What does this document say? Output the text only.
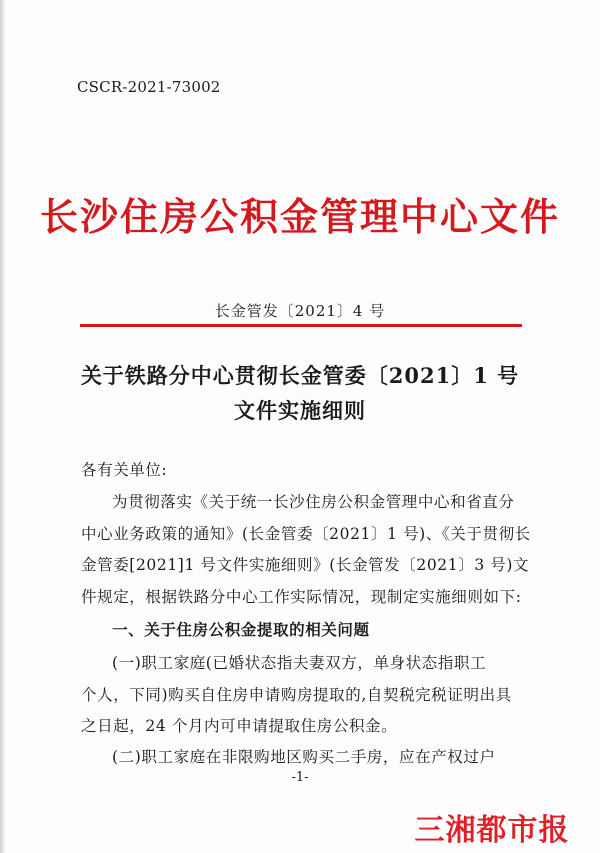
CSCR-2021-73002
长沙住房公积金管理中心文件
长金管发〔2021〕4 号
关于铁路分中心贯彻长金管委〔2021〕1 号
文件实施细则
各有关单位:
为贯彻落实《关于统一长沙住房公积金管理中心和省直分
中心业务政策的通知》(长金管委〔2021〕1 号)、《关于贯彻长
金管委[2021]1 号文件实施细则》(长金管发〔2021〕3 号)文
件规定，根据铁路分中心工作实际情况，现制定实施细则如下:
一、关于住房公积金提取的相关问题
(一)职工家庭(已婚状态指夫妻双方，单身状态指职工
个人，下同)购买自住房申请购房提取的,自契税完税证明出具
之日起，24 个月内可申请提取住房公积金。
(二)职工家庭在非限购地区购买二手房，应在产权过户
-1-
三湘都市报
